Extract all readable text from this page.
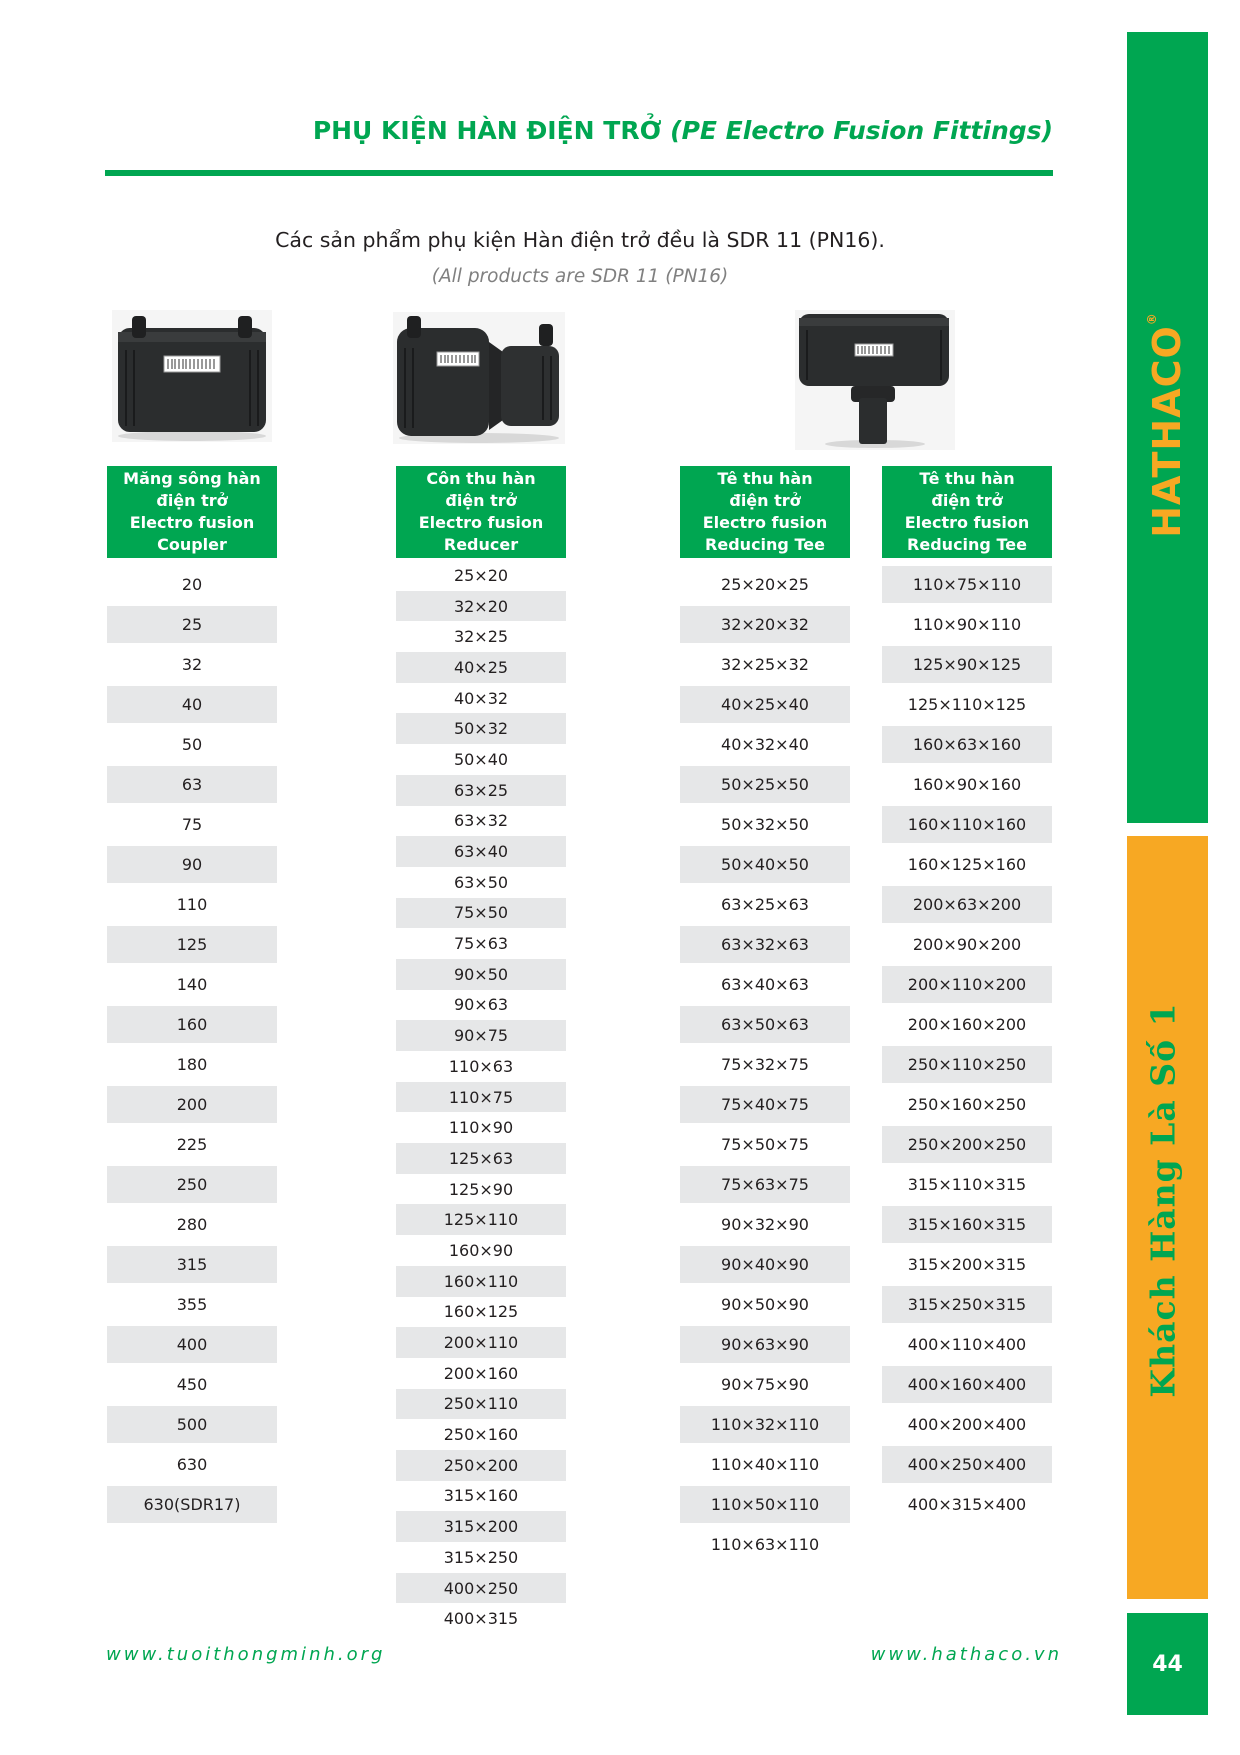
PHỤ KIỆN HÀN ĐIỆN TRỞ (PE Electro Fusion Fittings)
Các sản phẩm phụ kiện Hàn điện trở đều là SDR 11 (PN16).
(All products are SDR 11 (PN16)
Măng sông hàn
điện trở
Electro fusion
Coupler
20
25
32
40
50
63
75
90
110
125
140
160
180
200
225
250
280
315
355
400
450
500
630
630(SDR17)
Côn thu hàn
điện trở
Electro fusion
Reducer
25×20
32×20
32×25
40×25
40×32
50×32
50×40
63×25
63×32
63×40
63×50
75×50
75×63
90×50
90×63
90×75
110×63
110×75
110×90
125×63
125×90
125×110
160×90
160×110
160×125
200×110
200×160
250×110
250×160
250×200
315×160
315×200
315×250
400×250
400×315
Tê thu hàn
điện trở
Electro fusion
Reducing Tee
25×20×25
32×20×32
32×25×32
40×25×40
40×32×40
50×25×50
50×32×50
50×40×50
63×25×63
63×32×63
63×40×63
63×50×63
75×32×75
75×40×75
75×50×75
75×63×75
90×32×90
90×40×90
90×50×90
90×63×90
90×75×90
110×32×110
110×40×110
110×50×110
110×63×110
Tê thu hàn
điện trở
Electro fusion
Reducing Tee
110×75×110
110×90×110
125×90×125
125×110×125
160×63×160
160×90×160
160×110×160
160×125×160
200×63×200
200×90×200
200×110×200
200×160×200
250×110×250
250×160×250
250×200×250
315×110×315
315×160×315
315×200×315
315×250×315
400×110×400
400×160×400
400×200×400
400×250×400
400×315×400
HATHACO®
Khách Hàng Là Số 1
44
www.tuoithongminh.org	www.hathaco.vn
